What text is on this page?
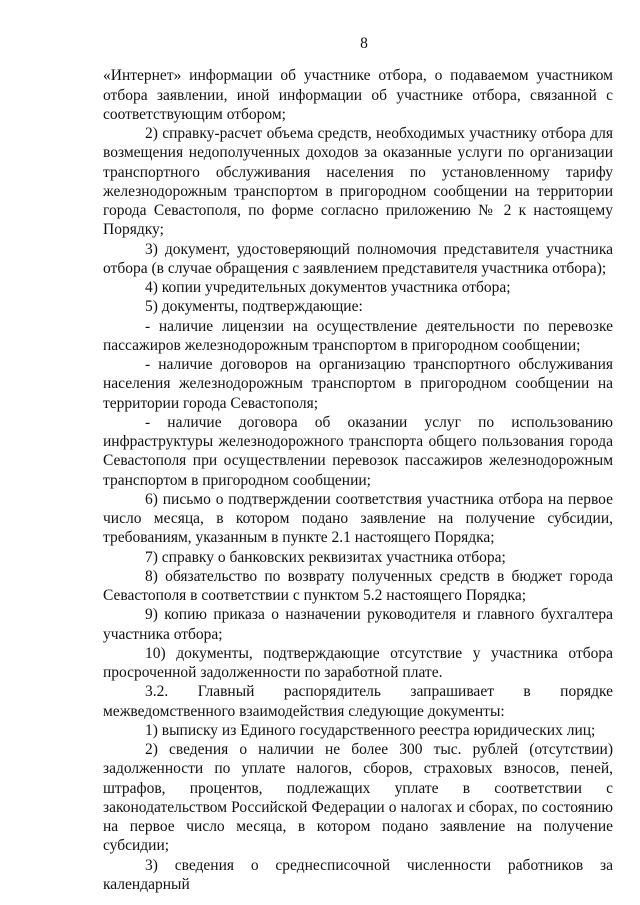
8

«Интернет» информации об участнике отбора, о подаваемом участником отбора заявлении, иной информации об участнике отбора, связанной с соответствующим отбором;

2) справку-расчет объема средств, необходимых участнику отбора для возмещения недополученных доходов за оказанные услуги по организации транспортного обслуживания населения по установленному тарифу железнодорожным транспортом в пригородном сообщении на территории города Севастополя, по форме согласно приложению № 2 к настоящему Порядку;

3) документ, удостоверяющий полномочия представителя участника отбора (в случае обращения с заявлением представителя участника отбора);

4) копии учредительных документов участника отбора;

5) документы, подтверждающие:

- наличие лицензии на осуществление деятельности по перевозке пассажиров железнодорожным транспортом в пригородном сообщении;

- наличие договоров на организацию транспортного обслуживания населения железнодорожным транспортом в пригородном сообщении на территории города Севастополя;

- наличие договора об оказании услуг по использованию инфраструктуры железнодорожного транспорта общего пользования города Севастополя при осуществлении перевозок пассажиров железнодорожным транспортом в пригородном сообщении;

6) письмо о подтверждении соответствия участника отбора на первое число месяца, в котором подано заявление на получение субсидии, требованиям, указанным в пункте 2.1 настоящего Порядка;

7) справку о банковских реквизитах участника отбора;

8) обязательство по возврату полученных средств в бюджет города Севастополя в соответствии с пунктом 5.2 настоящего Порядка;

9) копию приказа о назначении руководителя и главного бухгалтера участника отбора;

10) документы, подтверждающие отсутствие у участника отбора просроченной задолженности по заработной плате.

3.2. Главный распорядитель запрашивает в порядке межведомственного взаимодействия следующие документы:

1) выписку из Единого государственного реестра юридических лиц;

2) сведения о наличии не более 300 тыс. рублей (отсутствии) задолженности по уплате налогов, сборов, страховых взносов, пеней, штрафов, процентов, подлежащих уплате в соответствии с законодательством Российской Федерации о налогах и сборах, по состоянию на первое число месяца, в котором подано заявление на получение субсидии;

3) сведения о среднесписочной численности работников за календарный
